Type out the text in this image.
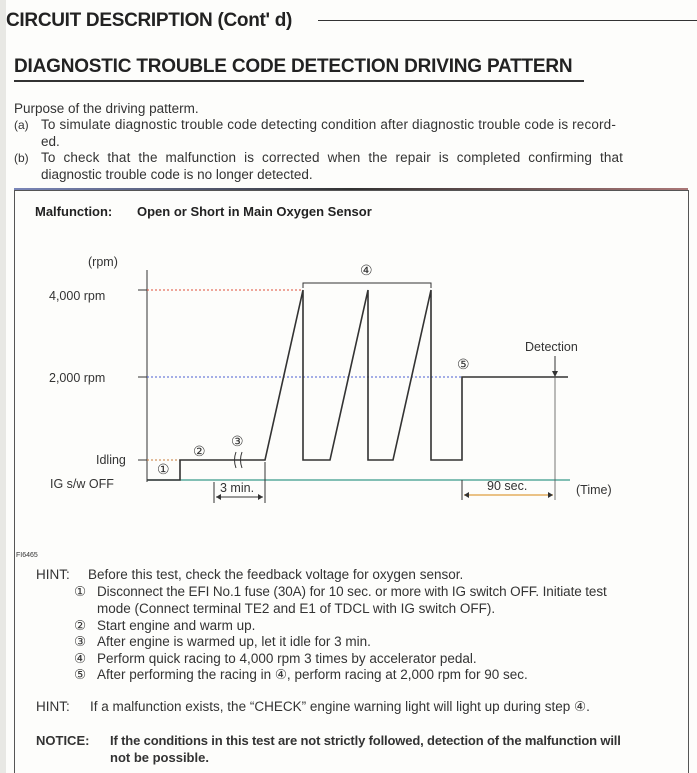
CIRCUIT DESCRIPTION (Cont' d)
DIAGNOSTIC TROUBLE CODE DETECTION DRIVING PATTERN
Purpose of the driving patterm.
(a) To simulate diagnostic trouble code detecting condition after diagnostic trouble code is record-
ed.
(b) To check that the malfunction is corrected when the repair is completed confirming that
diagnostic trouble code is no longer detected.
Malfunction: Open or Short in Main Oxygen Sensor
(rpm)
4,000 rpm
2,000 rpm
Idling
IG s/w OFF	(Time)
④
①
②
③
⑤
3 min.	90 sec.
Detection
FI6465
HINT: Before this test, check the feedback voltage for oxygen sensor.
① Disconnect the EFI No.1 fuse (30A) for 10 sec. or more with IG switch OFF. Initiate test
mode (Connect terminal TE2 and E1 of TDCL with IG switch OFF).
② Start engine and warm up.
③ After engine is warmed up, let it idle for 3 min.
④ Perform quick racing to 4,000 rpm 3 times by accelerator pedal.
⑤ After performing the racing in ④, perform racing at 2,000 rpm for 90 sec.
HINT: If a malfunction exists, the “CHECK” engine warning light will light up during step ④.
NOTICE: If the conditions in this test are not strictly followed, detection of the malfunction will
not be possible.
